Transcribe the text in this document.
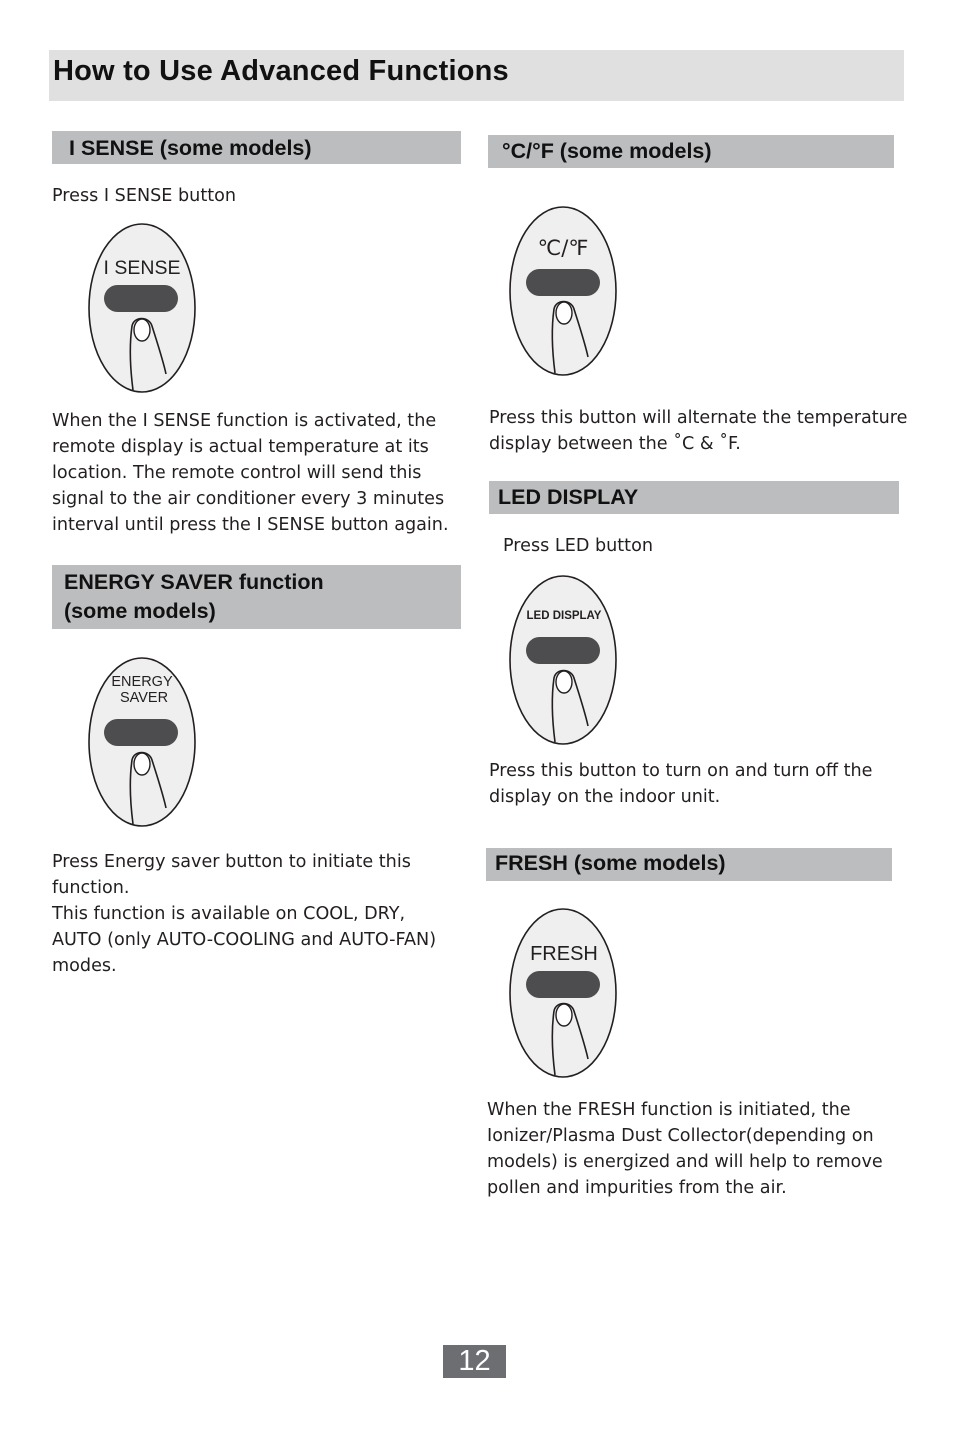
How to Use Advanced Functions
I SENSE (some models)

Press I SENSE button

I SENSE

When the I SENSE function is activated, the

remote display is actual temperature at its

location. The remote control will send this

signal to the air conditioner every 3 minutes

interval until press the I SENSE button again.

ENERGY SAVER function
(some models)
ENERGY
SAVER

Press Energy saver button to initiate this

function.

This function is available on COOL, DRY,

AUTO (only AUTO-COOLING and AUTO-FAN)

modes.

°C/°F (some models)
℃/℉

Press this button will alternate the temperature

display between the ˚C & ˚F.

LED DISPLAY

Press LED button

LED DISPLAY

Press this button to turn on and turn off the

display on the indoor unit.

FRESH (some models)
FRESH

When the FRESH function is initiated, the

Ionizer/Plasma Dust Collector(depending on

models) is energized and will help to remove

pollen and impurities from the air.

12
